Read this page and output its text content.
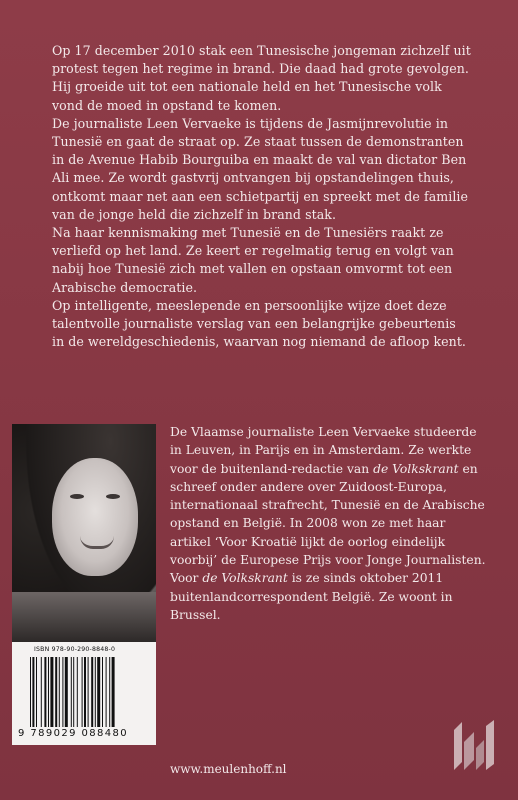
Op 17 december 2010 stak een Tunesische jongeman zichzelf uit protest tegen het regime in brand. Die daad had grote gevolgen. Hij groeide uit tot een nationale held en het Tunesische volk vond de moed in opstand te komen.

De journaliste Leen Vervaeke is tijdens de Jasmijnrevolutie in Tunesië en gaat de straat op. Ze staat tussen de demonstranten in de Avenue Habib Bourguiba en maakt de val van dictator Ben Ali mee. Ze wordt gastvrij ontvangen bij opstandelingen thuis, ontkomt maar net aan een schietpartij en spreekt met de familie van de jonge held die zichzelf in brand stak.

Na haar kennismaking met Tunesië en de Tunesiërs raakt ze verliefd op het land. Ze keert er regelmatig terug en volgt van nabij hoe Tunesië zich met vallen en opstaan omvormt tot een Arabische democratie.

Op intelligente, meeslepende en persoonlijke wijze doet deze talentvolle journaliste verslag van een belangrijke gebeurtenis in de wereldgeschiedenis, waarvan nog niemand de afloop kent.

De Vlaamse journaliste Leen Vervaeke studeerde in Leuven, in Parijs en in Amsterdam. Ze werkte voor de buitenland-redactie van de Volkskrant en schreef onder andere over Zuidoost-Europa, internationaal strafrecht, Tunesië en de Arabische opstand en België. In 2008 won ze met haar artikel ‘Voor Kroatië lijkt de oorlog eindelijk voorbij’ de Europese Prijs voor Jonge Journalisten. Voor de Volkskrant is ze sinds oktober 2011 buitenlandcorrespondent België. Ze woont in Brussel.
ISBN 978-90-290-8848-0
9 789029 088480
www.meulenhoff.nl
